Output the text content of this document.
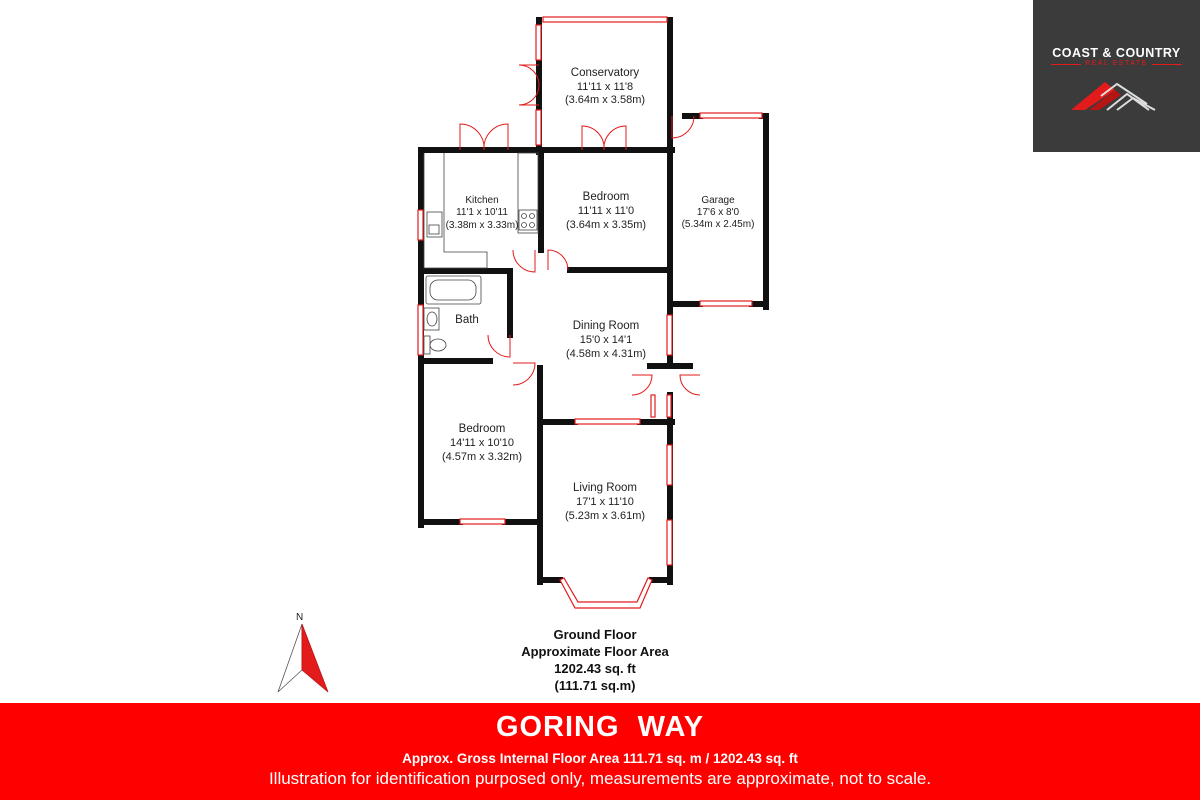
Conservatory
11'11 x 11'8
(3.64m x 3.58m)
Kitchen
11'1 x 10'11
(3.38m x 3.33m)
Bedroom
11'11 x 11'0
(3.64m x 3.35m)
Garage
17'6 x 8'0
(5.34m x 2.45m)
Bath	Dining Room
15'0 x 14'1
(4.58m x 4.31m)
Bedroom
14'11 x 10'10
(4.57m x 3.32m)
Living Room
17'1 x 11'10
(5.23m x 3.61m)
COAST & COUNTRY
REAL ESTATE
N
Ground Floor
Approximate Floor Area
1202.43 sq. ft
(111.71 sq.m)
GORING  WAY
Approx. Gross Internal Floor Area 111.71 sq. m / 1202.43 sq. ft
Illustration for identification purposed only, measurements are approximate, not to scale.
